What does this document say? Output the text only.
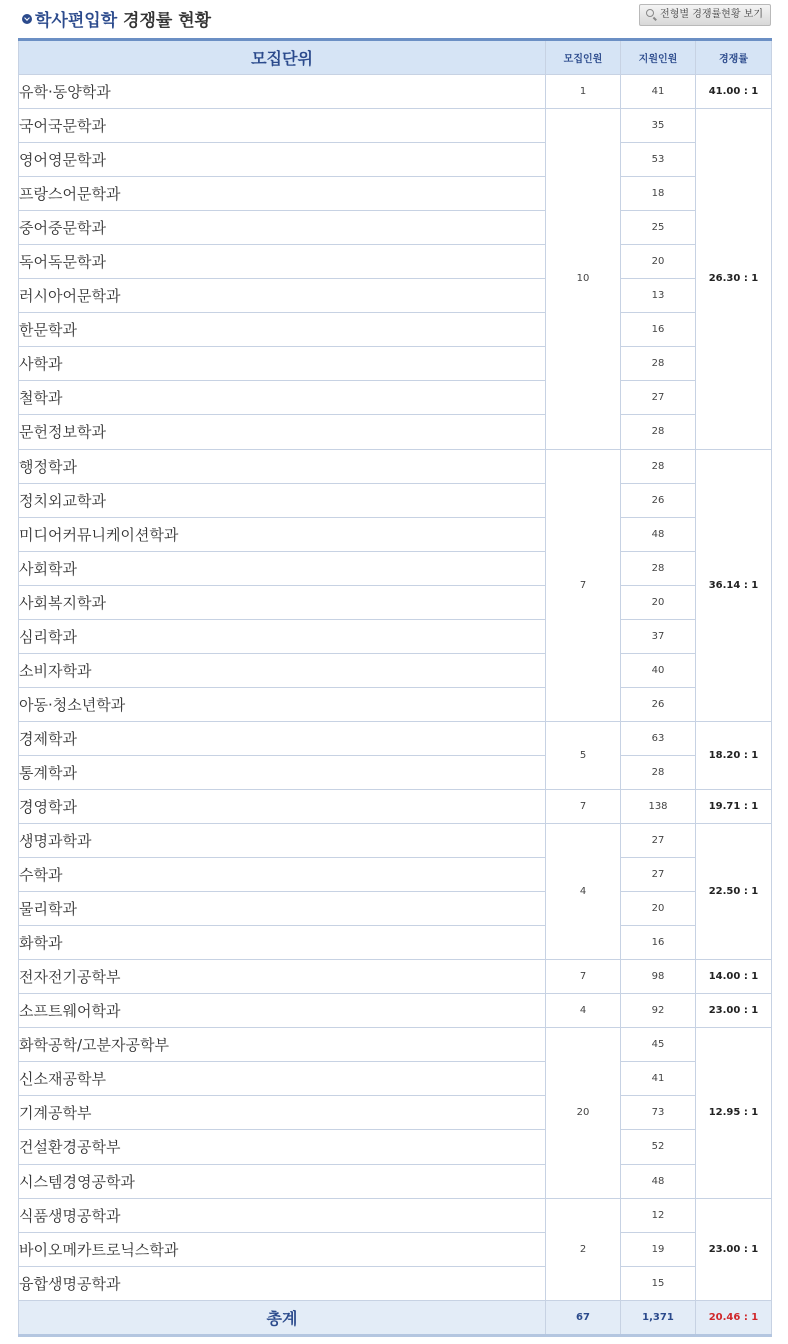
학사편입학 경쟁률 현황	전형별 경쟁률현황 보기
모집단위	모집인원	지원인원	경쟁률
유학·동양학과	1	41	41.00 : 1
국어국문학과	10	35	26.30 : 1
영어영문학과		53	
프랑스어문학과		18	
중어중문학과		25	
독어독문학과		20	
러시아어문학과		13	
한문학과		16	
사학과		28	
철학과		27	
문헌정보학과		28	
행정학과	7	28	36.14 : 1
정치외교학과		26	
미디어커뮤니케이션학과		48	
사회학과		28	
사회복지학과		20	
심리학과		37	
소비자학과		40	
아동·청소년학과		26	
경제학과	5	63	18.20 : 1
통계학과		28	
경영학과	7	138	19.71 : 1
생명과학과	4	27	22.50 : 1
수학과		27	
물리학과		20	
화학과		16	
전자전기공학부	7	98	14.00 : 1
소프트웨어학과	4	92	23.00 : 1
화학공학/고분자공학부	20	45	12.95 : 1
신소재공학부		41	
기계공학부		73	
건설환경공학부		52	
시스템경영공학과		48	
식품생명공학과	2	12	23.00 : 1
바이오메카트로닉스학과		19	
융합생명공학과		15	
총계	67	1,371	20.46 : 1
